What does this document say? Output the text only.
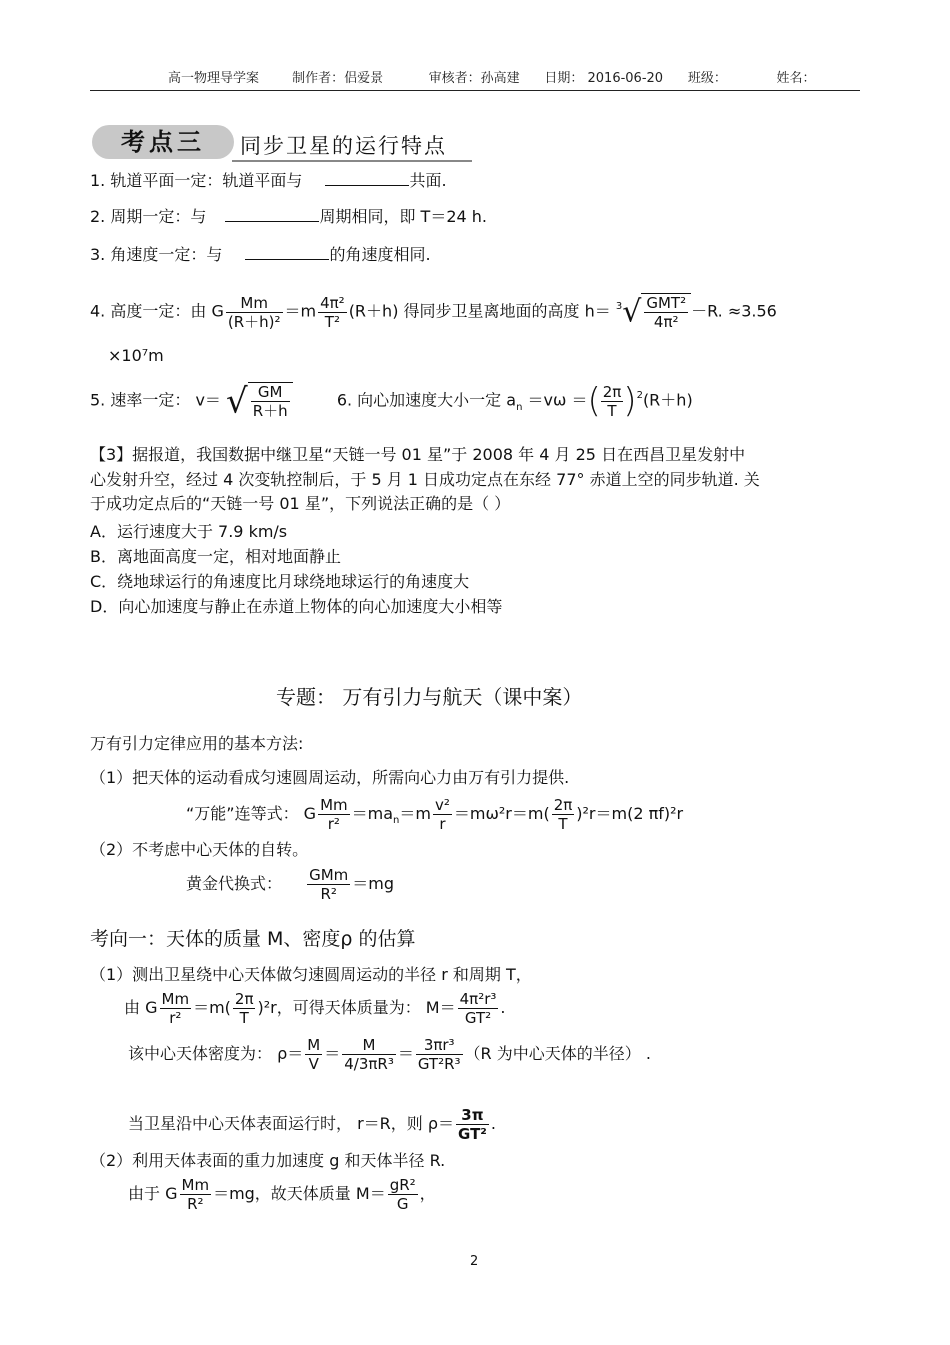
高一物理导学案	制作者：侣爱景	审核者：孙高建 日期： 2016-06-20 班级：	姓名：
考点三	同步卫星的运行特点
1. 轨道平面一定：轨道平面与	共面.
2. 周期一定：与	周期相同，即 T＝24 h.
3. 角速度一定：与	的角速度相同.
4. 高度一定：由 G $\frac{Mm}{\text{(R＋h)²}} =m \frac{\text{4π²}}{\text{T²}} (R+h)$ 得同步卫星离地面的高度 $h= ^3√ \frac{\text{GMT²}}{\text{4π²}} -R$. ≈3.56
×10⁷m
5. 速率一定： v＝ √ $\frac{GM}{R+h}$	6. 向心加速度大小一定 $a_n =v\omega$ ＝( $\frac{2\pi}{T} )^2(R+h)$
【3】据报道，我国数据中继卫星“天链一号 01 星”于 2008 年 4 月 25 日在西昌卫星发射中
心发射升空，经过 4 次变轨控制后，于 5 月 1 日成功定点在东经 77° 赤道上空的同步轨道. 关
于成功定点后的“天链一号 01 星”，下列说法正确的是（ ）
A．运行速度大于 7.9 km/s
B．离地面高度一定，相对地面静止
C．绕地球运行的角速度比月球绕地球运行的角速度大
D．向心加速度与静止在赤道上物体的向心加速度大小相等
专题： 万有引力与航天（课中案）
万有引力定律应用的基本方法:
（1）把天体的运动看成匀速圆周运动，所需向心力由万有引力提供.
“万能”连等式： G $\frac{Mm}{\text{r²}} =ma_n=m \frac{\text{v²}}{r} =m\omega^2r=m( \frac{2\pi}{T} )^2r=m(2$ πf)²r
（2）不考虑中心天体的自转。
黄金代换式： $\frac{\text{GMm}}{\text{R²}} =mg$
考向一：天体的质量 M、密度ρ 的估算
（1）测出卫星绕中心天体做匀速圆周运动的半径 r 和周期 T，
由 G $\frac{Mm}{\text{r²}} =m( \frac{2\pi}{T} )^2r$，可得天体质量为： $M= \frac{\text{4π²r³}}{\text{GT²}}$ .
该中心天体密度为： $\rho= \frac{M}{V} = \frac{M}{\text{4/3πR³}} = \frac{\text{3πr³}}{\text{GT²R³}} (R$ 为中心天体的半径） .
当卫星沿中心天体表面运行时， r＝R，则 $\rho= \frac{3\pi}{\text{GT²}}$ .
（2）利用天体表面的重力加速度 g 和天体半径 R.
由于 G $\frac{Mm}{\text{R²}} =mg$，故天体质量 $M= \frac{\text{gR²}}{G}$ ，
2
